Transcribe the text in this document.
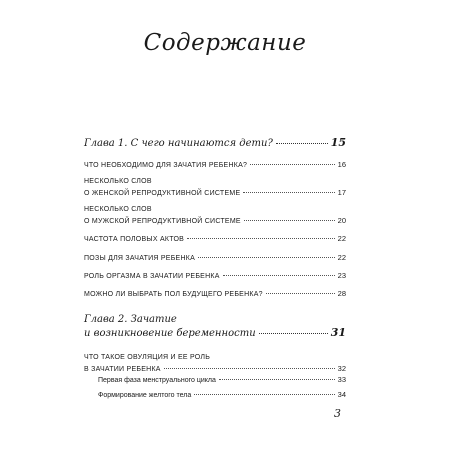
Содержание
Глава 1. С чего начинаются дети?	15
ЧТО НЕОБХОДИМО ДЛЯ ЗАЧАТИЯ РЕБЕНКА?	16
НЕСКОЛЬКО СЛОВ
О ЖЕНСКОЙ РЕПРОДУКТИВНОЙ СИСТЕМЕ	17
НЕСКОЛЬКО СЛОВ
О МУЖСКОЙ РЕПРОДУКТИВНОЙ СИСТЕМЕ	20
ЧАСТОТА ПОЛОВЫХ АКТОВ	22
ПОЗЫ ДЛЯ ЗАЧАТИЯ РЕБЕНКА	22
РОЛЬ ОРГАЗМА В ЗАЧАТИИ РЕБЕНКА	23
МОЖНО ЛИ ВЫБРАТЬ ПОЛ БУДУЩЕГО РЕБЕНКА?	28
Глава 2. Зачатие
и возникновение беременности	31
ЧТО ТАКОЕ ОВУЛЯЦИЯ И ЕЕ РОЛЬ
В ЗАЧАТИИ РЕБЕНКА	32
Первая фаза менструального цикла	33
Формирование желтого тела	34
3
